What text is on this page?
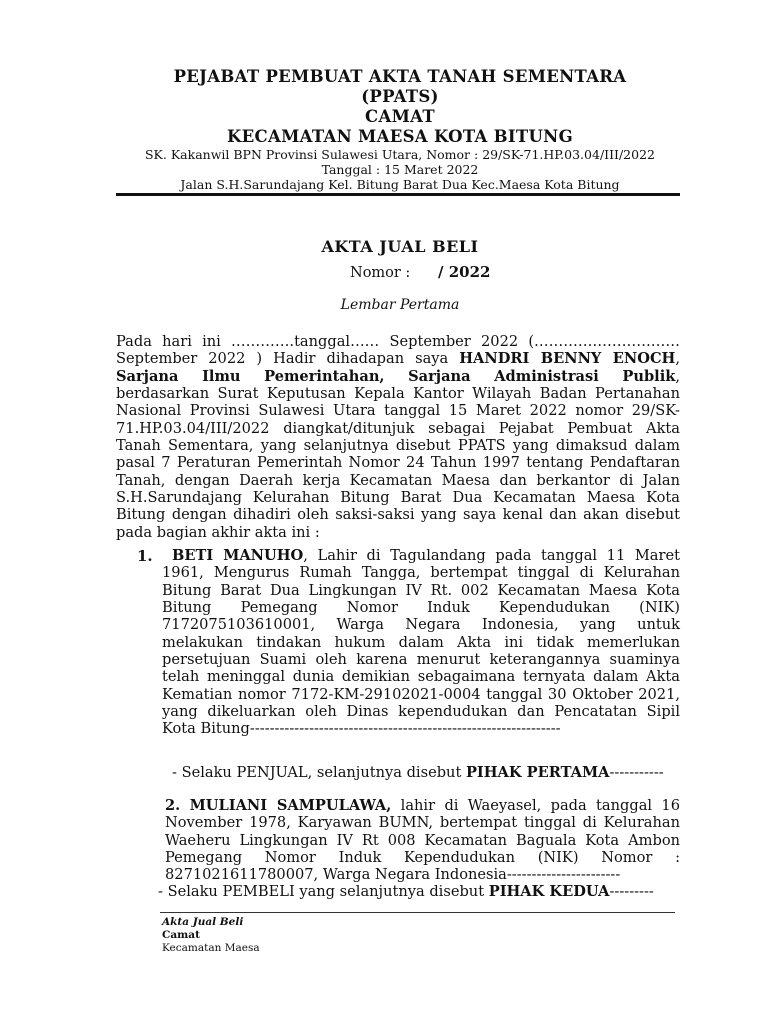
PEJABAT PEMBUAT AKTA TANAH SEMENTARA
(PPATS)
CAMAT
KECAMATAN MAESA KOTA BITUNG
SK. Kakanwil BPN Provinsi Sulawesi Utara, Nomor : 29/SK-71.HP.03.04/III/2022
Tanggal : 15 Maret 2022
Jalan S.H.Sarundajang Kel. Bitung Barat Dua Kec.Maesa Kota Bitung
AKTA JUAL BELI
Nomor : / 2022
Lembar Pertama
Pada hari ini ………….tanggal…… September 2022 (………………………… September 2022 ) Hadir dihadapan saya HANDRI BENNY ENOCH, Sarjana Ilmu Pemerintahan, Sarjana Administrasi Publik, berdasarkan Surat Keputusan Kepala Kantor Wilayah Badan Pertanahan Nasional Provinsi Sulawesi Utara tanggal 15 Maret 2022 nomor 29/SK-71.HP.03.04/III/2022 diangkat/ditunjuk sebagai Pejabat Pembuat Akta Tanah Sementara, yang selanjutnya disebut PPATS yang dimaksud dalam pasal 7 Peraturan Pemerintah Nomor 24 Tahun 1997 tentang Pendaftaran Tanah, dengan Daerah kerja Kecamatan Maesa dan berkantor di Jalan S.H.Sarundajang Kelurahan Bitung Barat Dua Kecamatan Maesa Kota Bitung dengan dihadiri oleh saksi-saksi yang saya kenal dan akan disebut pada bagian akhir akta ini :
1.	BETI MANUHO, Lahir di Tagulandang pada tanggal 11 Maret 1961, Mengurus Rumah Tangga, bertempat tinggal di Kelurahan Bitung Barat Dua Lingkungan IV Rt. 002 Kecamatan Maesa Kota Bitung Pemegang Nomor Induk Kependudukan (NIK) 7172075103610001, Warga Negara Indonesia, yang untuk melakukan tindakan hukum dalam Akta ini tidak memerlukan persetujuan Suami oleh karena menurut keterangannya suaminya telah meninggal dunia demikian sebagaimana ternyata dalam Akta Kematian nomor 7172-KM-29102021-0004 tanggal 30 Oktober 2021, yang dikeluarkan oleh Dinas kependudukan dan Pencatatan Sipil Kota Bitung---------------------------------------------------------------
- Selaku PENJUAL, selanjutnya disebut PIHAK PERTAMA-----------
2. MULIANI SAMPULAWA, lahir di Waeyasel, pada tanggal 16 November 1978, Karyawan BUMN, bertempat tinggal di Kelurahan Waeheru Lingkungan IV Rt 008 Kecamatan Baguala Kota Ambon Pemegang Nomor Induk Kependudukan (NIK) Nomor : 8271021611780007, Warga Negara Indonesia-----------------------
- Selaku PEMBELI yang selanjutnya disebut PIHAK KEDUA---------
Akta Jual Beli
Camat
Kecamatan Maesa
